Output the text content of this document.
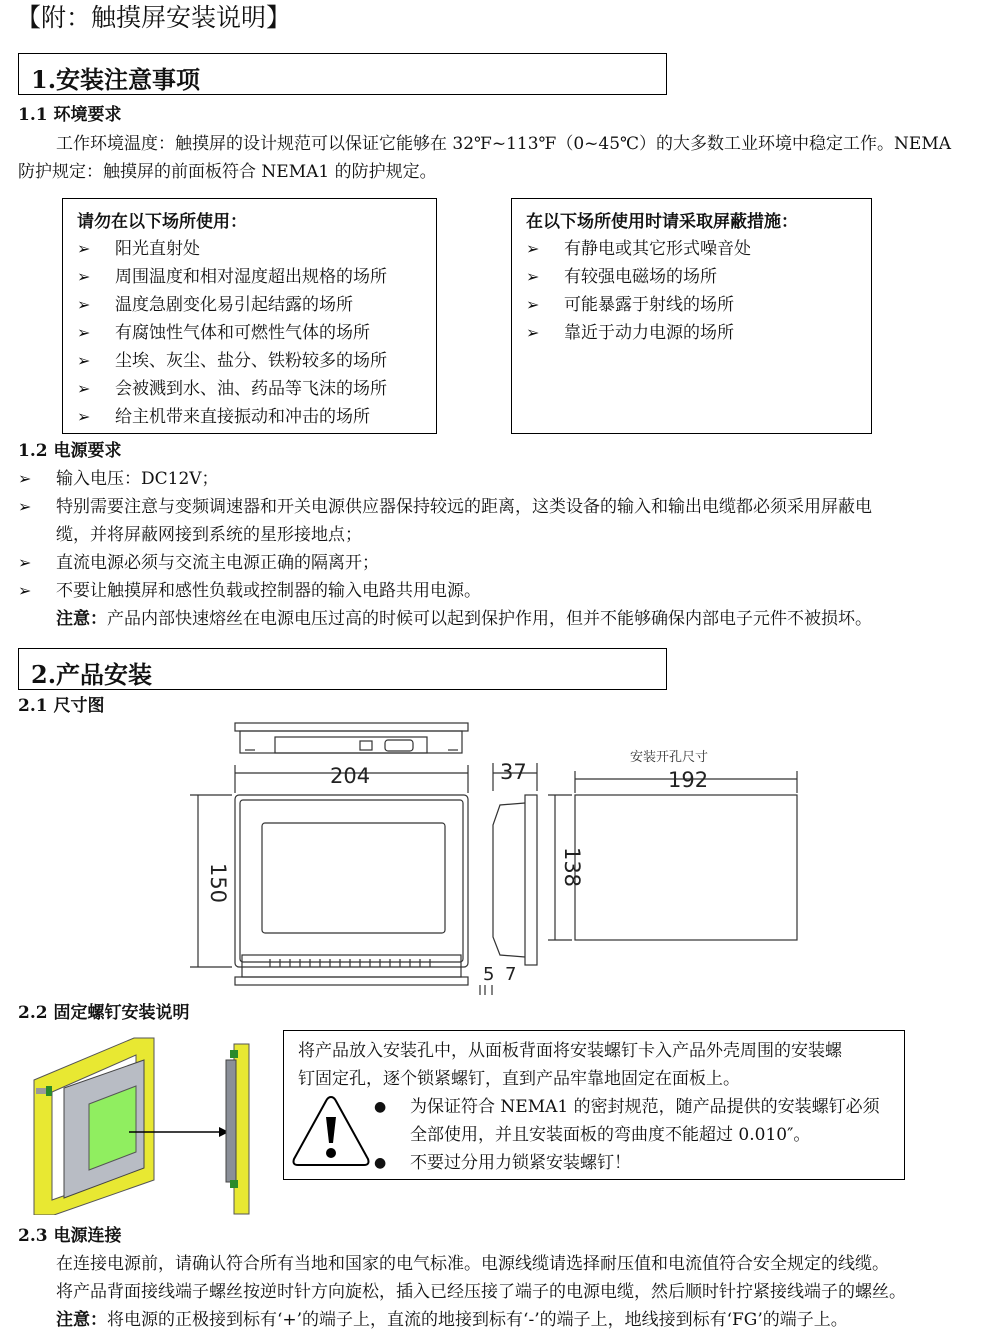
【附：触摸屏安装说明】
1.安装注意事项
1.1 环境要求
工作环境温度：触摸屏的设计规范可以保证它能够在 32℉~113℉（0~45℃）的大多数工业环境中稳定工作。NEMA
防护规定：触摸屏的前面板符合 NEMA1 的防护规定。
请勿在以下场所使用：
➢ 阳光直射处
➢ 周围温度和相对湿度超出规格的场所
➢ 温度急剧变化易引起结露的场所
➢ 有腐蚀性气体和可燃性气体的场所
➢ 尘埃、灰尘、盐分、铁粉较多的场所
➢ 会被溅到水、油、药品等飞沫的场所
➢ 给主机带来直接振动和冲击的场所
在以下场所使用时请采取屏蔽措施：
➢ 有静电或其它形式噪音处
➢ 有较强电磁场的场所
➢ 可能暴露于射线的场所
➢ 靠近于动力电源的场所
1.2 电源要求
➢ 输入电压：DC12V；
➢ 特别需要注意与变频调速器和开关电源供应器保持较远的距离，这类设备的输入和输出电缆都必须采用屏蔽电
缆，并将屏蔽网接到系统的星形接地点；
➢ 直流电源必须与交流主电源正确的隔离开；
➢ 不要让触摸屏和感性负载或控制器的输入电路共用电源。
注意：产品内部快速熔丝在电源电压过高的时候可以起到保护作用，但并不能够确保内部电子元件不被损坏。
2.产品安装
2.1 尺寸图
204
150
37
安装开孔尺寸
192
138
5 7
2.2 固定螺钉安装说明
将产品放入安装孔中，从面板背面将安装螺钉卡入产品外壳周围的安装螺
钉固定孔，逐个锁紧螺钉，直到产品牢靠地固定在面板上。
● 为保证符合 NEMA1 的密封规范，随产品提供的安装螺钉必须
全部使用，并且安装面板的弯曲度不能超过 0.010″。
● 不要过分用力锁紧安装螺钉！
2.3 电源连接
在连接电源前，请确认符合所有当地和国家的电气标准。电源线缆请选择耐压值和电流值符合安全规定的线缆。
将产品背面接线端子螺丝按逆时针方向旋松，插入已经压接了端子的电源电缆，然后顺时针拧紧接线端子的螺丝。
注意：将电源的正极接到标有‘+’的端子上，直流的地接到标有‘-’的端子上，地线接到标有‘FG’的端子上。
